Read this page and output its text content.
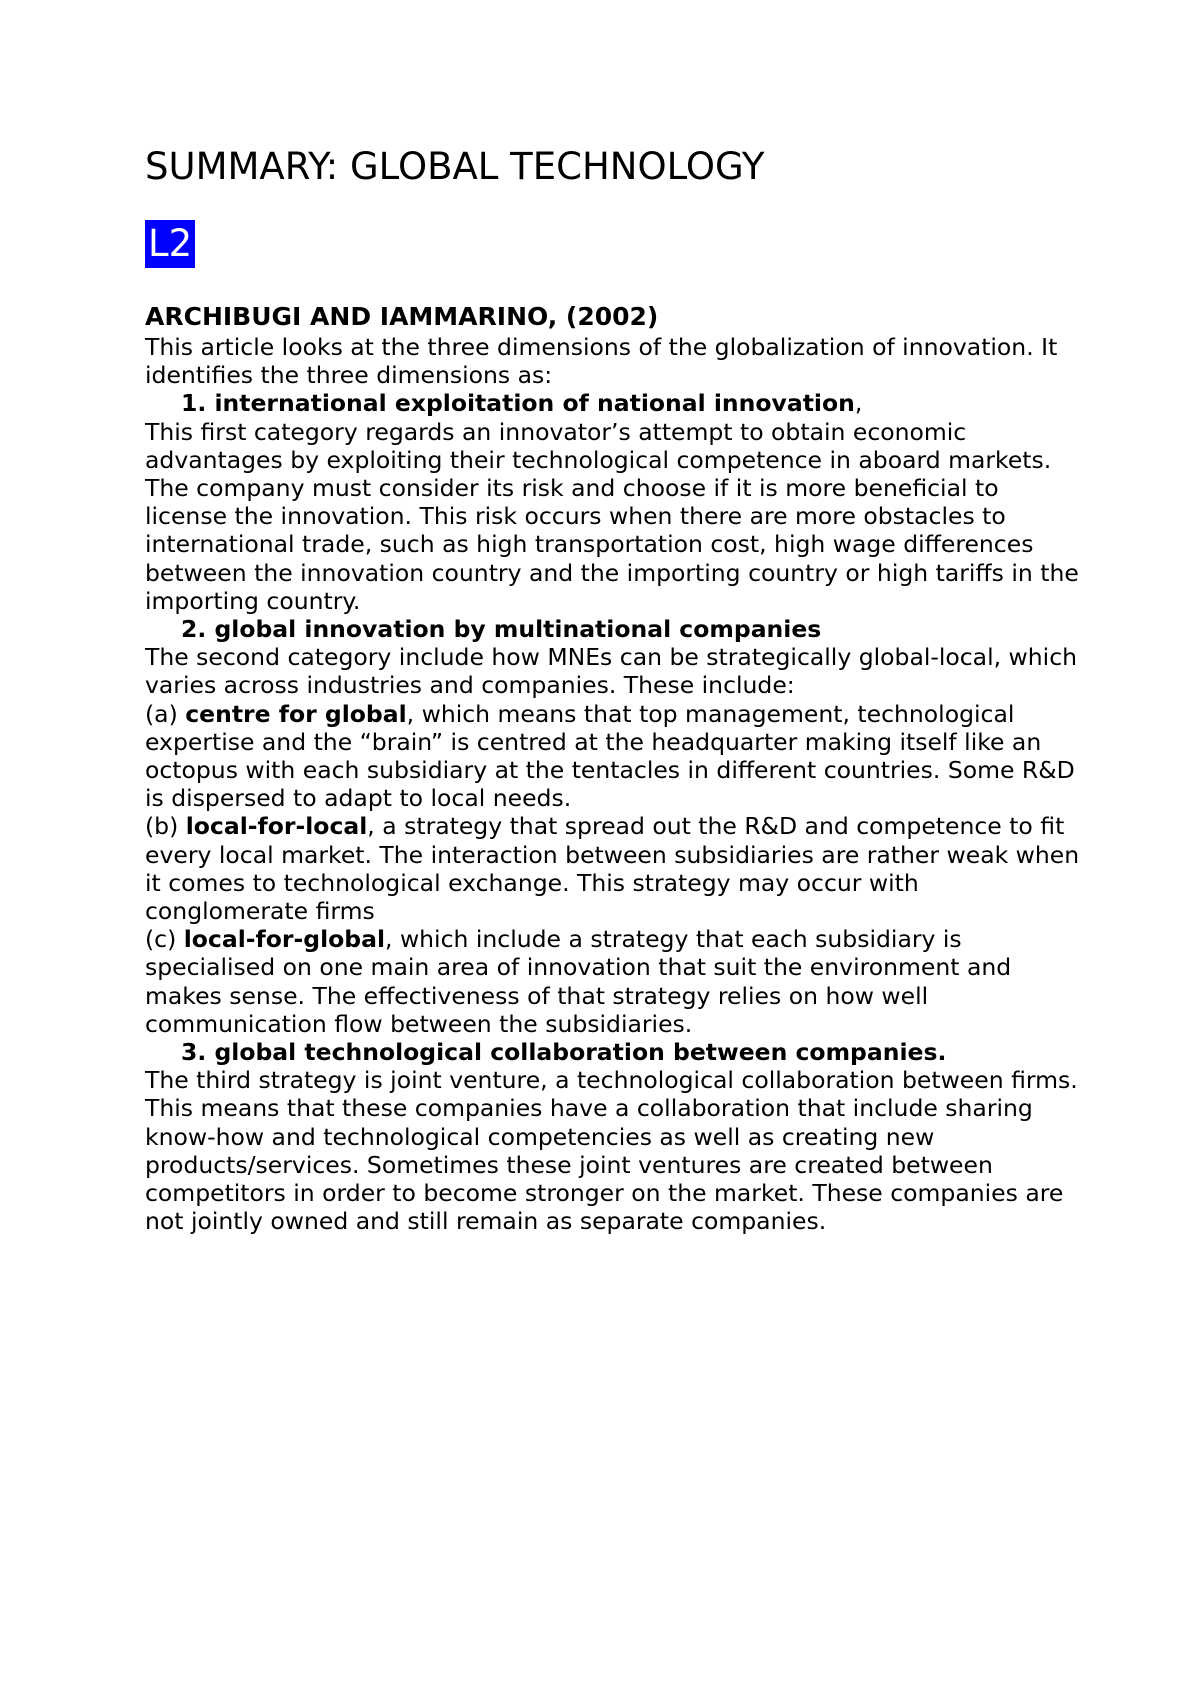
SUMMARY: GLOBAL TECHNOLOGY
L2
ARCHIBUGI AND IAMMARINO, (2002)

This article looks at the three dimensions of the globalization of innovation. It identifies the three dimensions as:

1. international exploitation of national innovation,

This first category regards an innovator’s attempt to obtain economic advantages by exploiting their technological competence in aboard markets. The company must consider its risk and choose if it is more beneficial to license the innovation. This risk occurs when there are more obstacles to international trade, such as high transportation cost, high wage differences between the innovation country and the importing country or high tariffs in the importing country.

2. global innovation by multinational companies

The second category include how MNEs can be strategically global-local, which varies across industries and companies. These include:

(a) centre for global, which means that top management, technological expertise and the “brain” is centred at the headquarter making itself like an octopus with each subsidiary at the tentacles in different countries. Some R&D is dispersed to adapt to local needs.

(b) local-for-local, a strategy that spread out the R&D and competence to fit every local market. The interaction between subsidiaries are rather weak when it comes to technological exchange. This strategy may occur with conglomerate firms

(c) local-for-global, which include a strategy that each subsidiary is specialised on one main area of innovation that suit the environment and makes sense. The effectiveness of that strategy relies on how well communication flow between the subsidiaries.

3. global technological collaboration between companies.

The third strategy is joint venture, a technological collaboration between firms. This means that these companies have a collaboration that include sharing know-how and technological competencies as well as creating new products/services. Sometimes these joint ventures are created between competitors in order to become stronger on the market. These companies are not jointly owned and still remain as separate companies.
